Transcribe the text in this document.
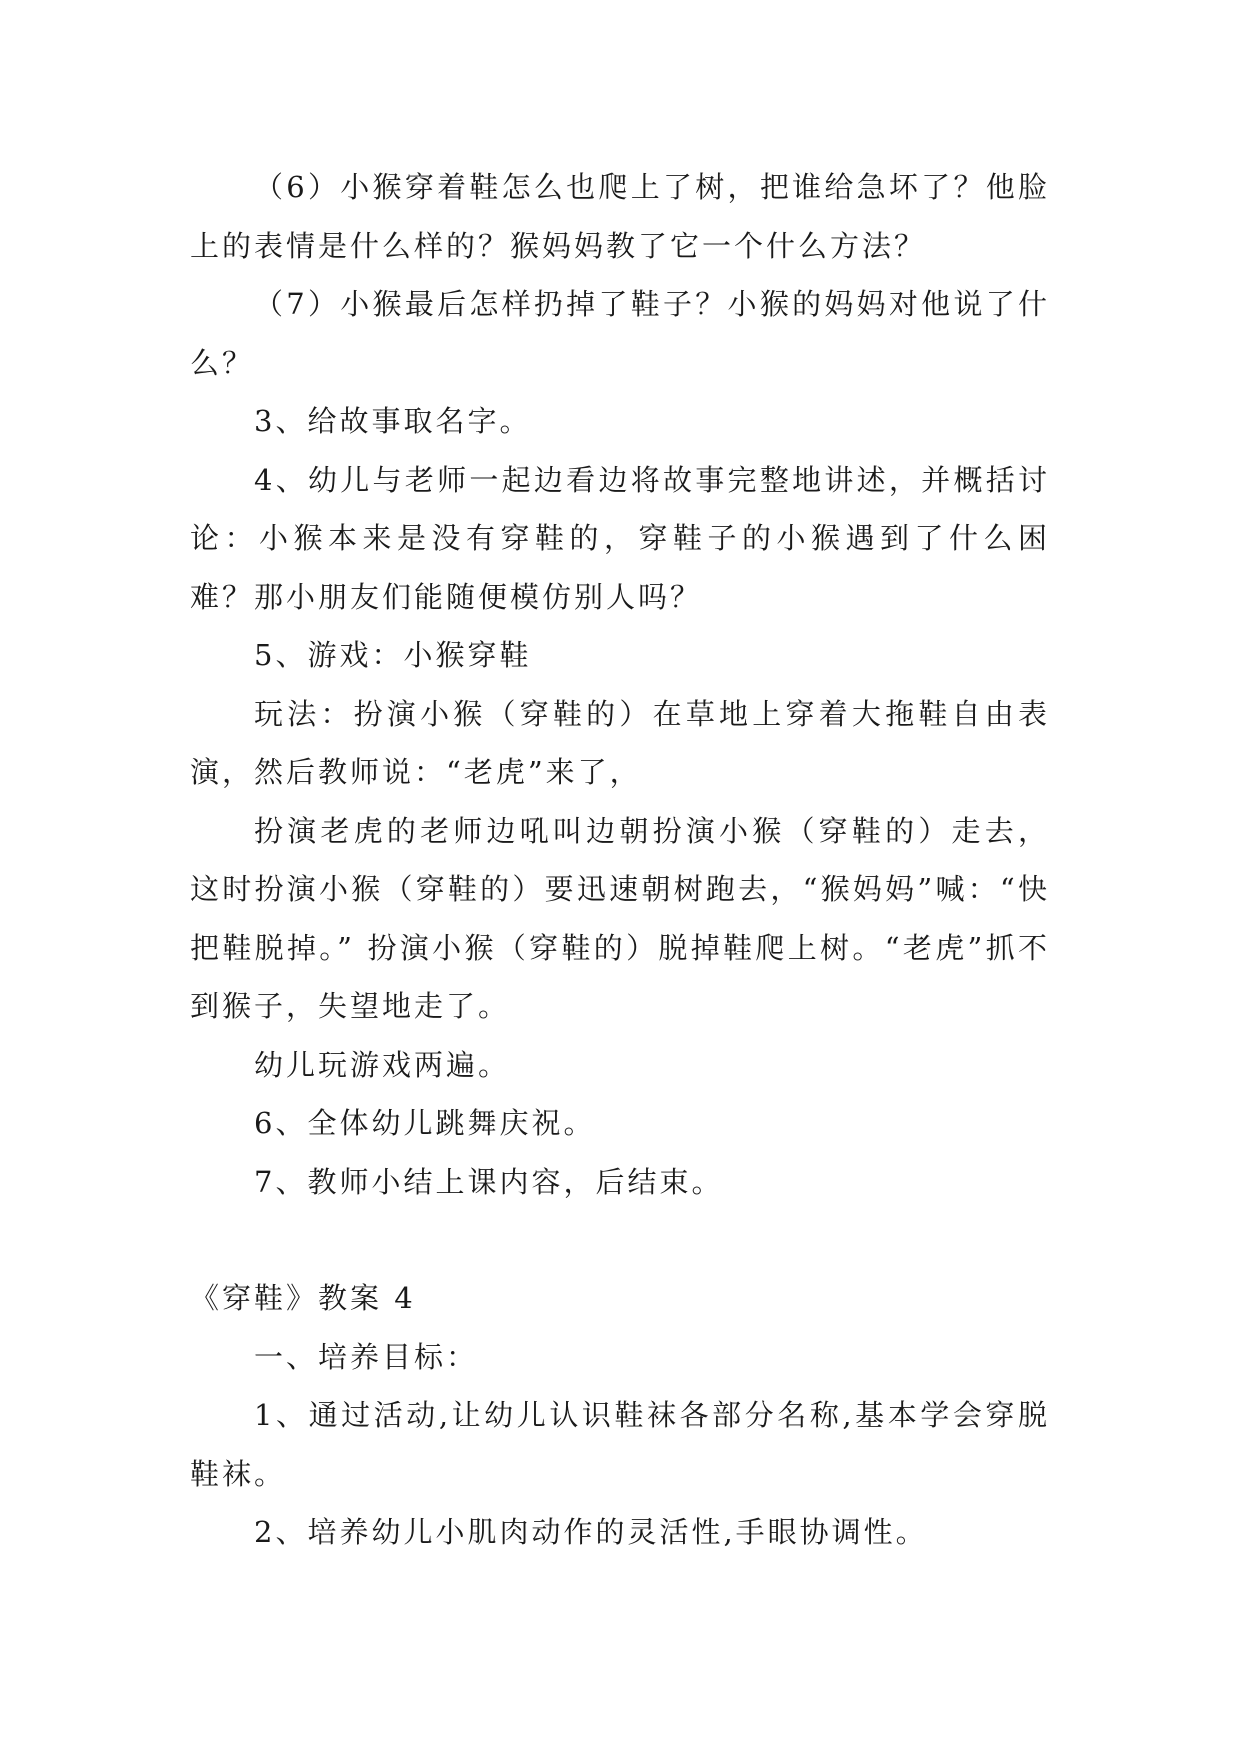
（6）小猴穿着鞋怎么也爬上了树，把谁给急坏了？他脸上的表情是什么样的？猴妈妈教了它一个什么方法？

（7）小猴最后怎样扔掉了鞋子？小猴的妈妈对他说了什么？

3、给故事取名字。

4、幼儿与老师一起边看边将故事完整地讲述，并概括讨论：小猴本来是没有穿鞋的，穿鞋子的小猴遇到了什么困难？那小朋友们能随便模仿别人吗？

5、游戏：小猴穿鞋

玩法：扮演小猴（穿鞋的）在草地上穿着大拖鞋自由表演，然后教师说：“老虎”来了，

扮演老虎的老师边吼叫边朝扮演小猴（穿鞋的）走去，这时扮演小猴（穿鞋的）要迅速朝树跑去，“猴妈妈”喊：“快把鞋脱掉。” 扮演小猴（穿鞋的）脱掉鞋爬上树。“老虎”抓不到猴子，失望地走了。

幼儿玩游戏两遍。

6、全体幼儿跳舞庆祝。

7、教师小结上课内容，后结束。

《穿鞋》教案 4

一、培养目标：

1、通过活动,让幼儿认识鞋袜各部分名称,基本学会穿脱鞋袜。

2、培养幼儿小肌肉动作的灵活性,手眼协调性。
